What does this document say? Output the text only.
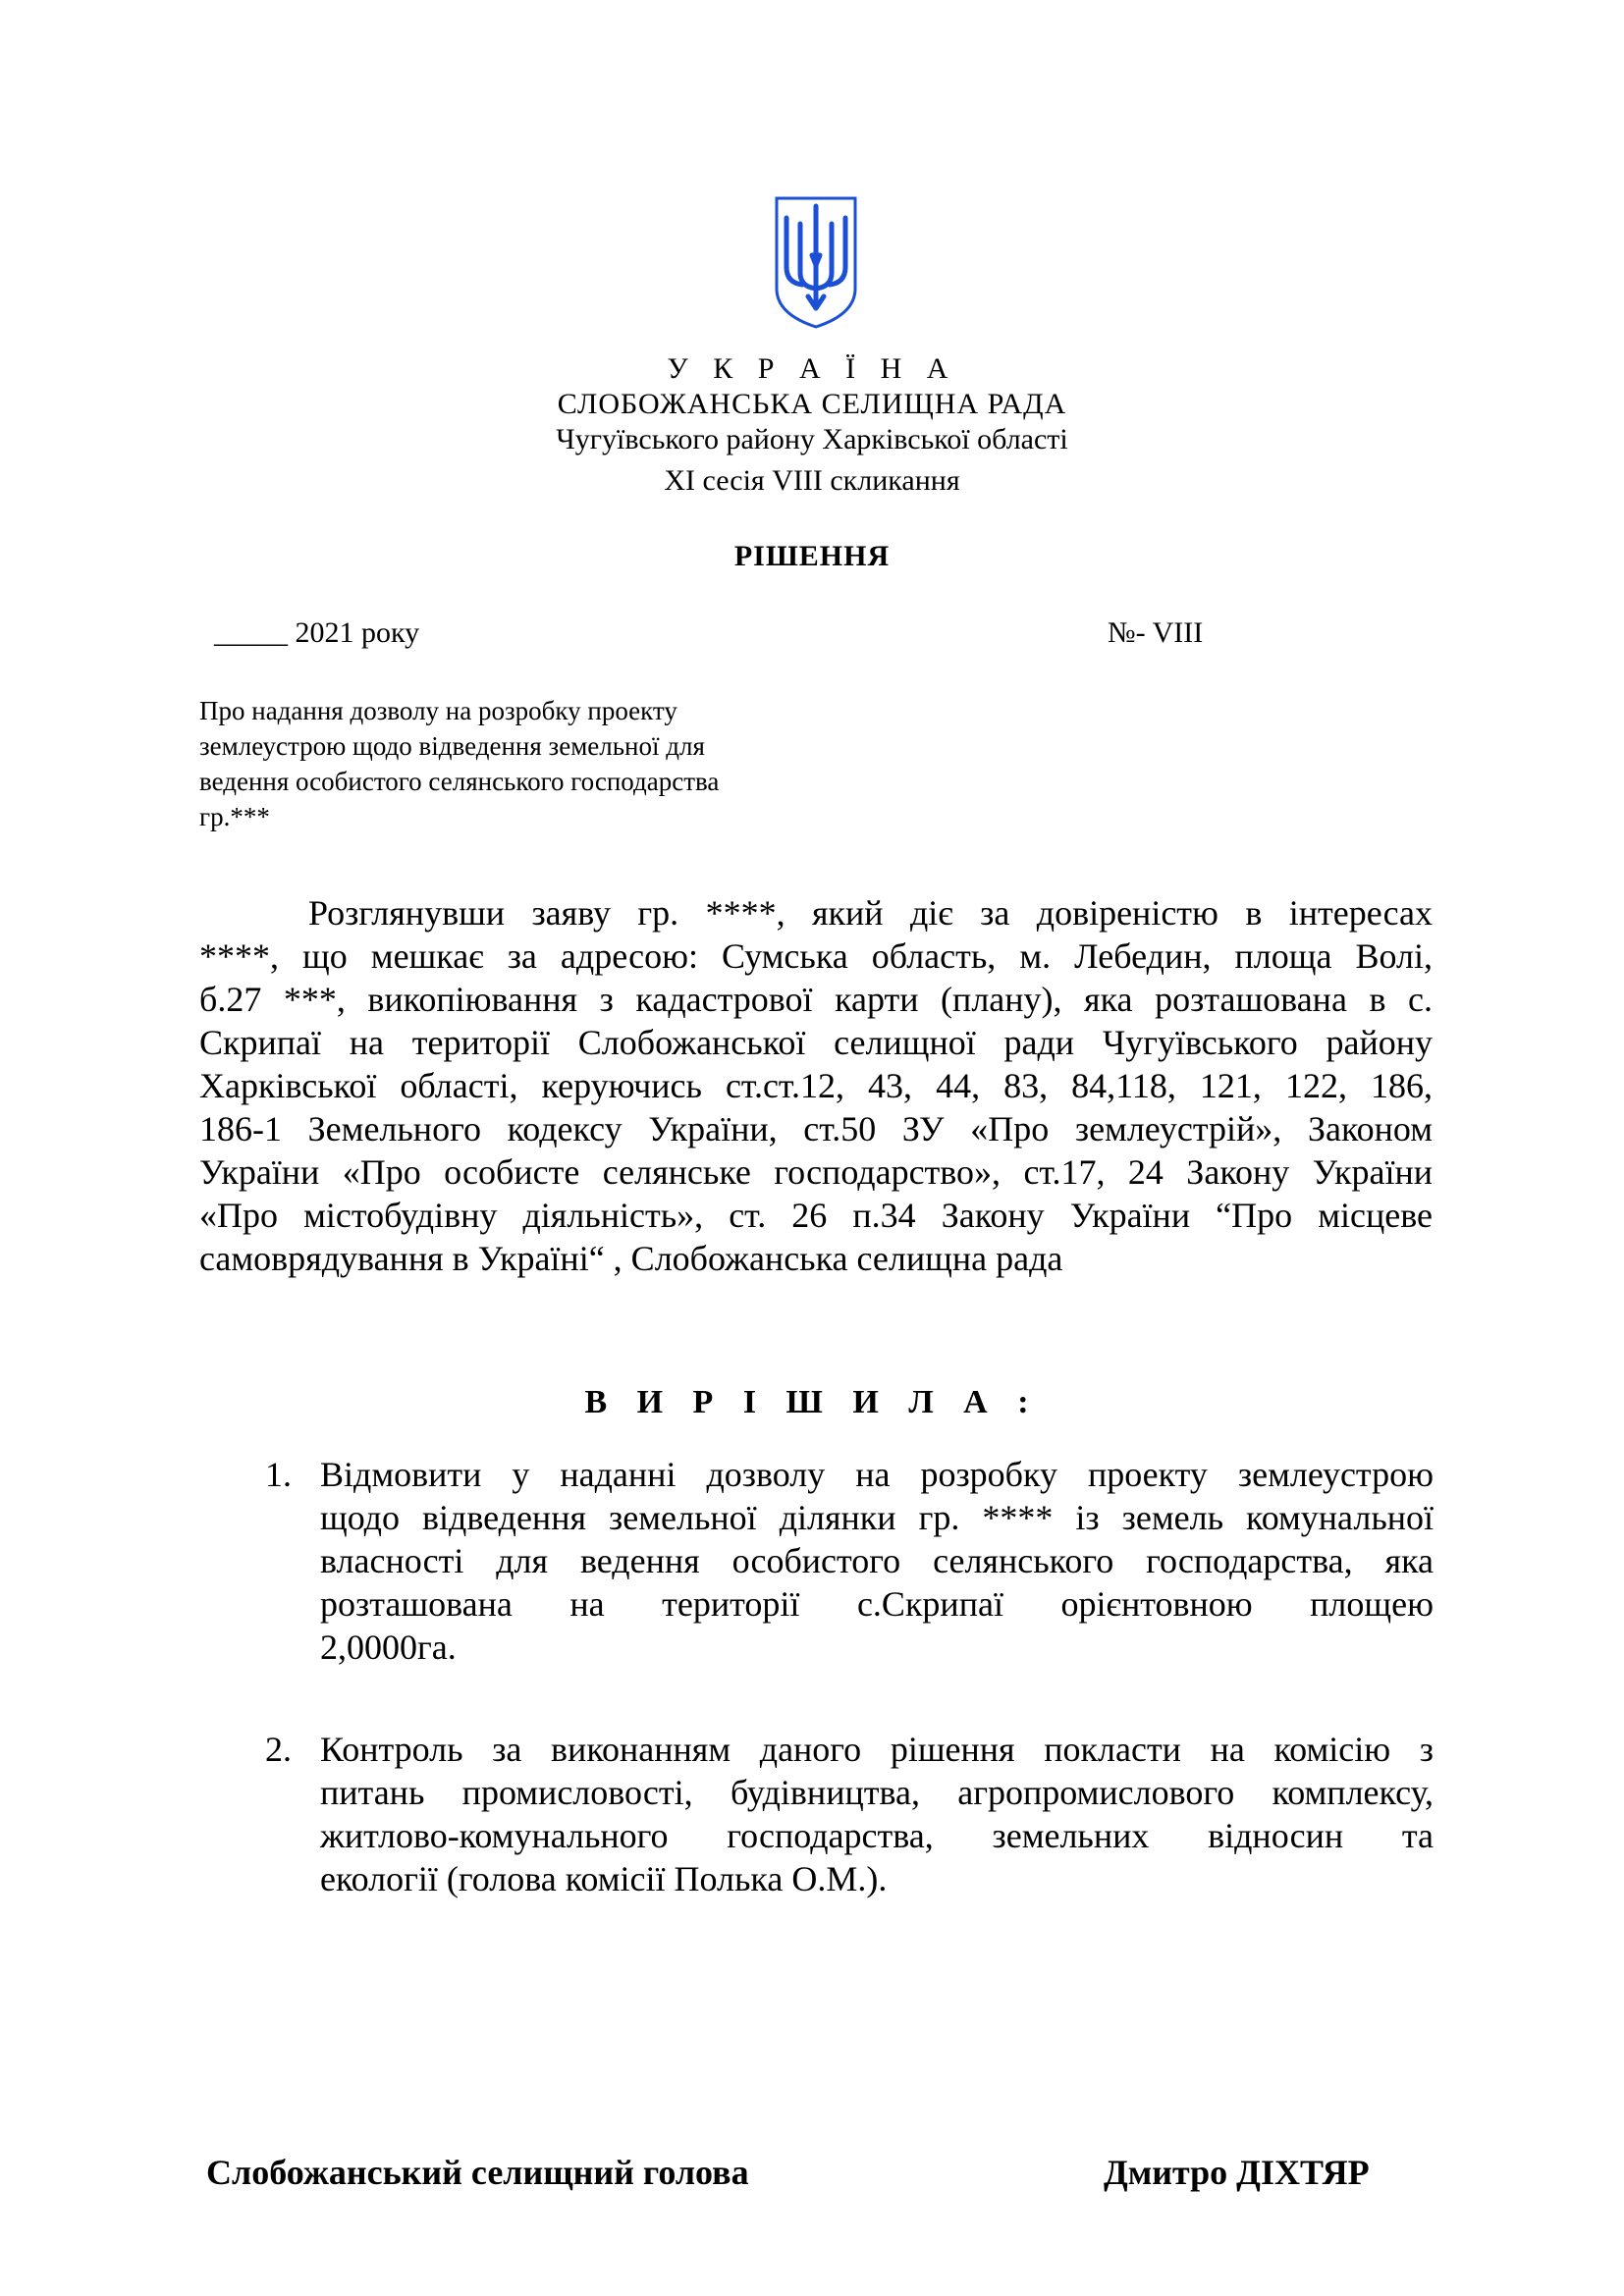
У К Р А Ї Н А
СЛОБОЖАНСЬКА СЕЛИЩНА РАДА
Чугуївського району Харківської області
XI сесія VIII скликання
РІШЕННЯ
_____ 2021 року	№- VIII
Про надання дозволу на розробку проекту
землеустрою щодо відведення земельної для
ведення особистого селянського господарства
гр.***
Розглянувши заяву гр. ****, який діє за довіреністю в інтересах
****, що мешкає за адресою: Сумська область, м. Лебедин, площа Волі,
б.27 ***, викопіювання з кадастрової карти (плану), яка розташована в с.
Скрипаї на території Слобожанської селищної ради Чугуївського району
Харківської області, керуючись ст.ст.12, 43, 44, 83, 84,118, 121, 122, 186,
186-1 Земельного кодексу України, ст.50 ЗУ «Про землеустрій», Законом
України «Про особисте селянське господарство», ст.17, 24 Закону України
«Про містобудівну діяльність», ст. 26 п.34 Закону України “Про місцеве
самоврядування в Україні“ , Слобожанська селищна рада
В И Р І Ш И Л А :
1. Відмовити у наданні дозволу на розробку проекту землеустрою
щодо відведення земельної ділянки гр. **** із земель комунальної
власності для ведення особистого селянського господарства, яка
розташована на території с.Скрипаї орієнтовною площею
2,0000га.
2. Контроль за виконанням даного рішення покласти на комісію з
питань промисловості, будівництва, агропромислового комплексу,
житлово-комунального господарства, земельних відносин та
екології (голова комісії Полька О.М.).
Слобожанський селищний голова	Дмитро ДІХТЯР
